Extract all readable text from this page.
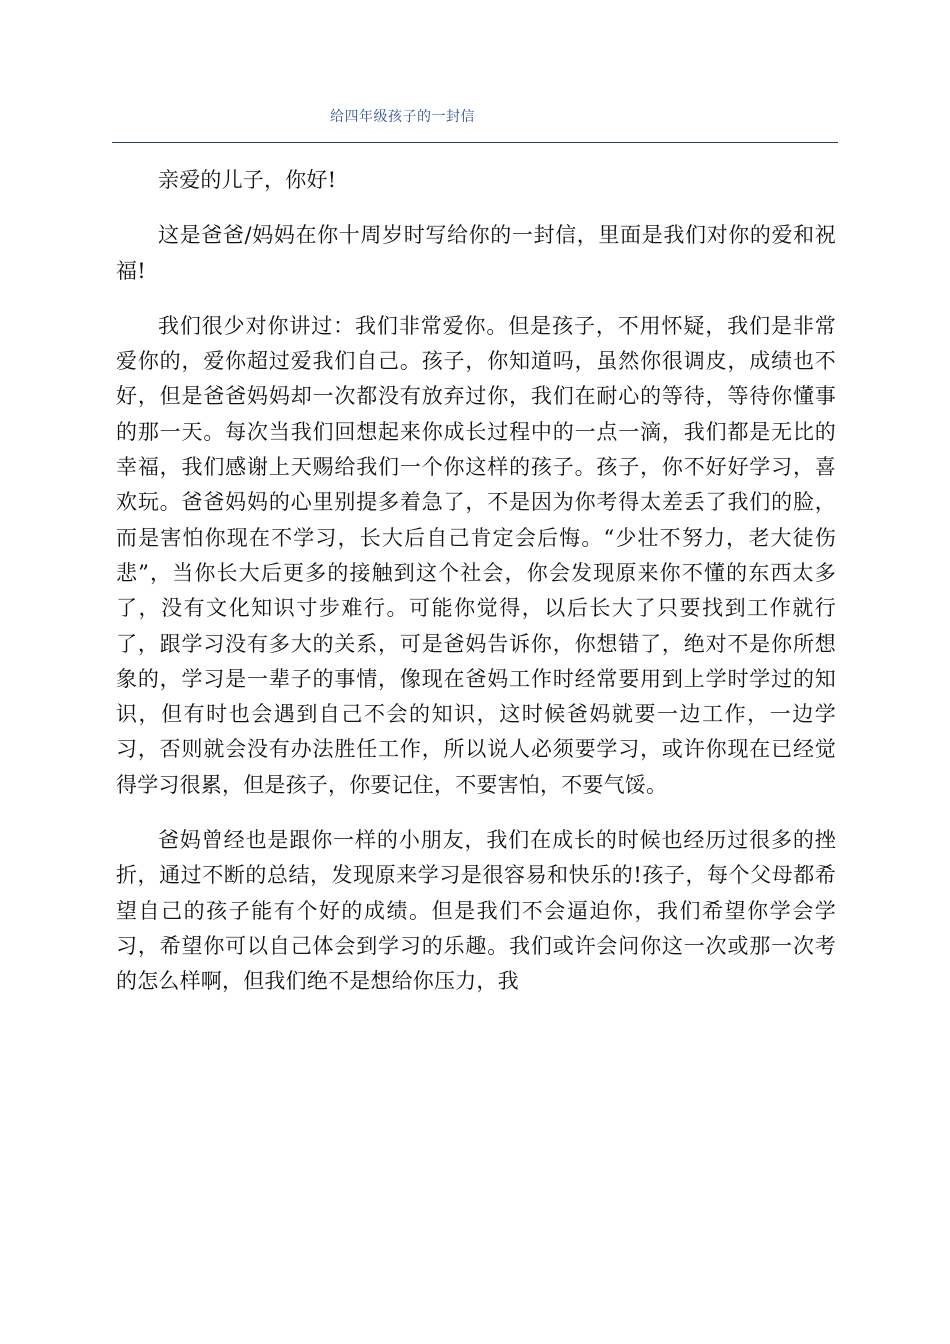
给四年级孩子的一封信

亲爱的儿子，你好!

这是爸爸/妈妈在你十周岁时写给你的一封信，里面是我们对你的爱和祝福!

我们很少对你讲过：我们非常爱你。但是孩子，不用怀疑，我们是非常爱你的，爱你超过爱我们自己。孩子，你知道吗，虽然你很调皮，成绩也不好，但是爸爸妈妈却一次都没有放弃过你，我们在耐心的等待，等待你懂事的那一天。每次当我们回想起来你成长过程中的一点一滴，我们都是无比的幸福，我们感谢上天赐给我们一个你这样的孩子。孩子，你不好好学习，喜欢玩。爸爸妈妈的心里别提多着急了，不是因为你考得太差丢了我们的脸，而是害怕你现在不学习，长大后自己肯定会后悔。“少壮不努力，老大徒伤悲”，当你长大后更多的接触到这个社会，你会发现原来你不懂的东西太多了，没有文化知识寸步难行。可能你觉得，以后长大了只要找到工作就行了，跟学习没有多大的关系，可是爸妈告诉你，你想错了，绝对不是你所想象的，学习是一辈子的事情，像现在爸妈工作时经常要用到上学时学过的知识，但有时也会遇到自己不会的知识，这时候爸妈就要一边工作，一边学习，否则就会没有办法胜任工作，所以说人必须要学习，或许你现在已经觉得学习很累，但是孩子，你要记住，不要害怕，不要气馁。

爸妈曾经也是跟你一样的小朋友，我们在成长的时候也经历过很多的挫折，通过不断的总结，发现原来学习是很容易和快乐的!孩子，每个父母都希望自己的孩子能有个好的成绩。但是我们不会逼迫你，我们希望你学会学习，希望你可以自己体会到学习的乐趣。我们或许会问你这一次或那一次考的怎么样啊，但我们绝不是想给你压力，我
